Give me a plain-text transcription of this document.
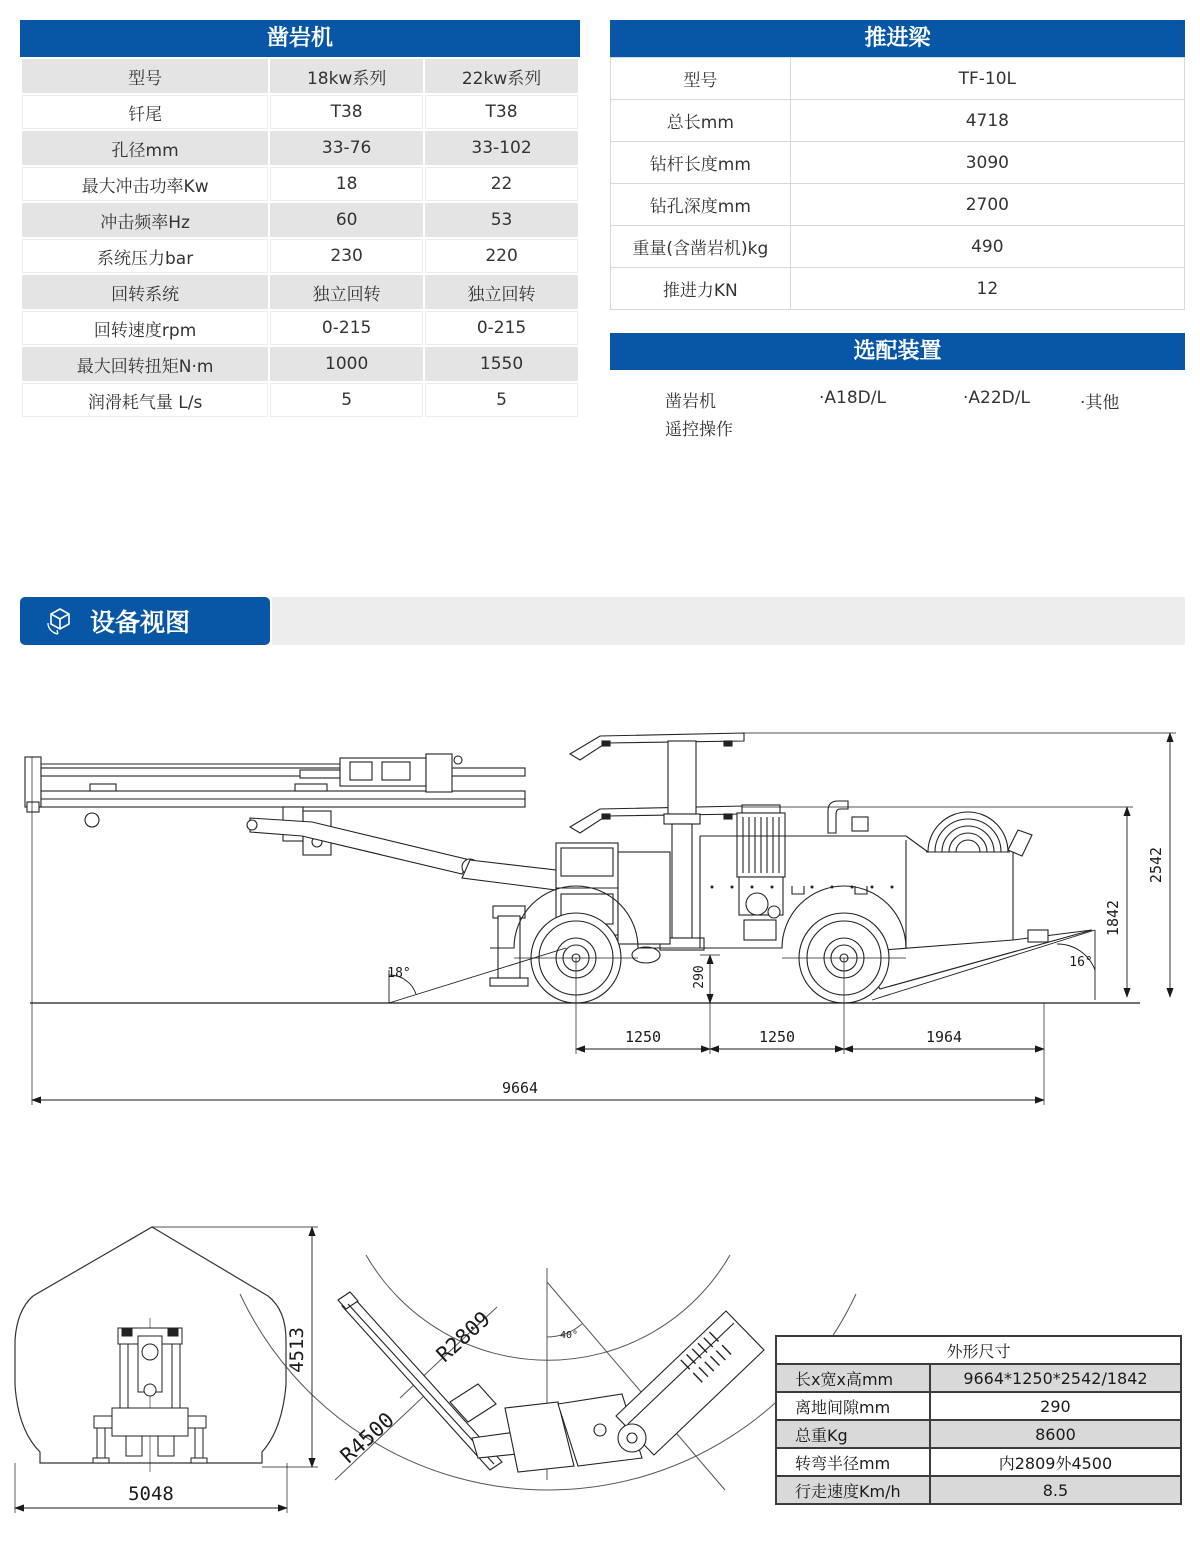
凿岩机
型号	18kw系列	22kw系列
钎尾	T38	T38
孔径mm	33-76	33-102
最大冲击功率Kw	18	22
冲击频率Hz	60	53
系统压力bar	230	220
回转系统	独立回转	独立回转
回转速度rpm	0-215	0-215
最大回转扭矩N·m	1000	1550
润滑耗气量 L/s	5	5
推进梁
型号	TF-10L
总长mm	4718
钻杆长度mm	3090
钻孔深度mm	2700
重量(含凿岩机)kg	490
推进力KN	12
选配装置
凿岩机
遥控操作
·A18D/L	·A22D/L	·其他
设备视图
R2809
R4500
40°
1250	1250	1964
9664
2542
1842
290
18°
16°
4513
5048
外形尺寸	
长x宽x高mm	9664*1250*2542/1842
离地间隙mm	290
总重Kg	8600
转弯半径mm	内2809外4500
行走速度Km/h	8.5
